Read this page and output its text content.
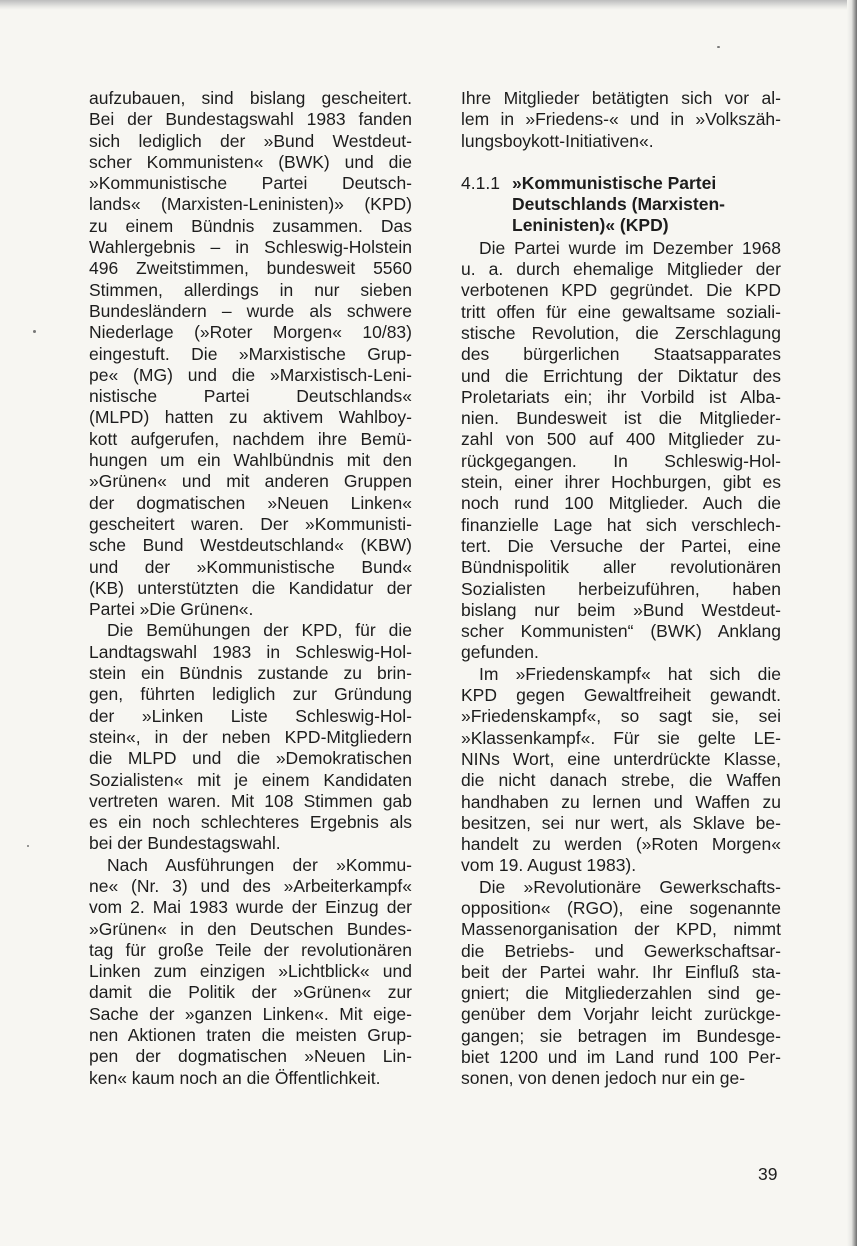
aufzubauen, sind bislang gescheitert.
Bei der Bundestagswahl 1983 fanden
sich lediglich der »Bund Westdeut-
scher Kommunisten« (BWK) und die
»Kommunistische Partei Deutsch-
lands« (Marxisten-Leninisten)» (KPD)
zu einem Bündnis zusammen. Das
Wahlergebnis – in Schleswig-Holstein
496 Zweitstimmen, bundesweit 5560
Stimmen, allerdings in nur sieben
Bundesländern – wurde als schwere
Niederlage (»Roter Morgen« 10/83)
eingestuft. Die »Marxistische Grup-
pe« (MG) und die »Marxistisch-Leni-
nistische Partei Deutschlands«
(MLPD) hatten zu aktivem Wahlboy-
kott aufgerufen, nachdem ihre Bemü-
hungen um ein Wahlbündnis mit den
»Grünen« und mit anderen Gruppen
der dogmatischen »Neuen Linken«
gescheitert waren. Der »Kommunisti-
sche Bund Westdeutschland« (KBW)
und der »Kommunistische Bund«
(KB) unterstützten die Kandidatur der
Partei »Die Grünen«.

Die Bemühungen der KPD, für die
Landtagswahl 1983 in Schleswig-Hol-
stein ein Bündnis zustande zu brin-
gen, führten lediglich zur Gründung
der »Linken Liste Schleswig-Hol-
stein«, in der neben KPD-Mitgliedern
die MLPD und die »Demokratischen
Sozialisten« mit je einem Kandidaten
vertreten waren. Mit 108 Stimmen gab
es ein noch schlechteres Ergebnis als
bei der Bundestagswahl.

Nach Ausführungen der »Kommu-
ne« (Nr. 3) und des »Arbeiterkampf«
vom 2. Mai 1983 wurde der Einzug der
»Grünen« in den Deutschen Bundes-
tag für große Teile der revolutionären
Linken zum einzigen »Lichtblick« und
damit die Politik der »Grünen« zur
Sache der »ganzen Linken«. Mit eige-
nen Aktionen traten die meisten Grup-
pen der dogmatischen »Neuen Lin-
ken« kaum noch an die Öffentlichkeit.

Ihre Mitglieder betätigten sich vor al-
lem in »Friedens-« und in »Volkszäh-
lungsboykott-Initiativen«.

4.1.1 »Kommunistische Partei
Deutschlands (Marxisten-
Leninisten)« (KPD)

Die Partei wurde im Dezember 1968
u. a. durch ehemalige Mitglieder der
verbotenen KPD gegründet. Die KPD
tritt offen für eine gewaltsame soziali-
stische Revolution, die Zerschlagung
des bürgerlichen Staatsapparates
und die Errichtung der Diktatur des
Proletariats ein; ihr Vorbild ist Alba-
nien. Bundesweit ist die Mitglieder-
zahl von 500 auf 400 Mitglieder zu-
rückgegangen. In Schleswig-Hol-
stein, einer ihrer Hochburgen, gibt es
noch rund 100 Mitglieder. Auch die
finanzielle Lage hat sich verschlech-
tert. Die Versuche der Partei, eine
Bündnispolitik aller revolutionären
Sozialisten herbeizuführen, haben
bislang nur beim »Bund Westdeut-
scher Kommunisten“ (BWK) Anklang
gefunden.

Im »Friedenskampf« hat sich die
KPD gegen Gewaltfreiheit gewandt.
»Friedenskampf«, so sagt sie, sei
»Klassenkampf«. Für sie gelte LE-
NINs Wort, eine unterdrückte Klasse,
die nicht danach strebe, die Waffen
handhaben zu lernen und Waffen zu
besitzen, sei nur wert, als Sklave be-
handelt zu werden (»Roten Morgen«
vom 19. August 1983).

Die »Revolutionäre Gewerkschafts-
opposition« (RGO), eine sogenannte
Massenorganisation der KPD, nimmt
die Betriebs- und Gewerkschaftsar-
beit der Partei wahr. Ihr Einfluß sta-
gniert; die Mitgliederzahlen sind ge-
genüber dem Vorjahr leicht zurückge-
gangen; sie betragen im Bundesge-
biet 1200 und im Land rund 100 Per-
sonen, von denen jedoch nur ein ge-

39
